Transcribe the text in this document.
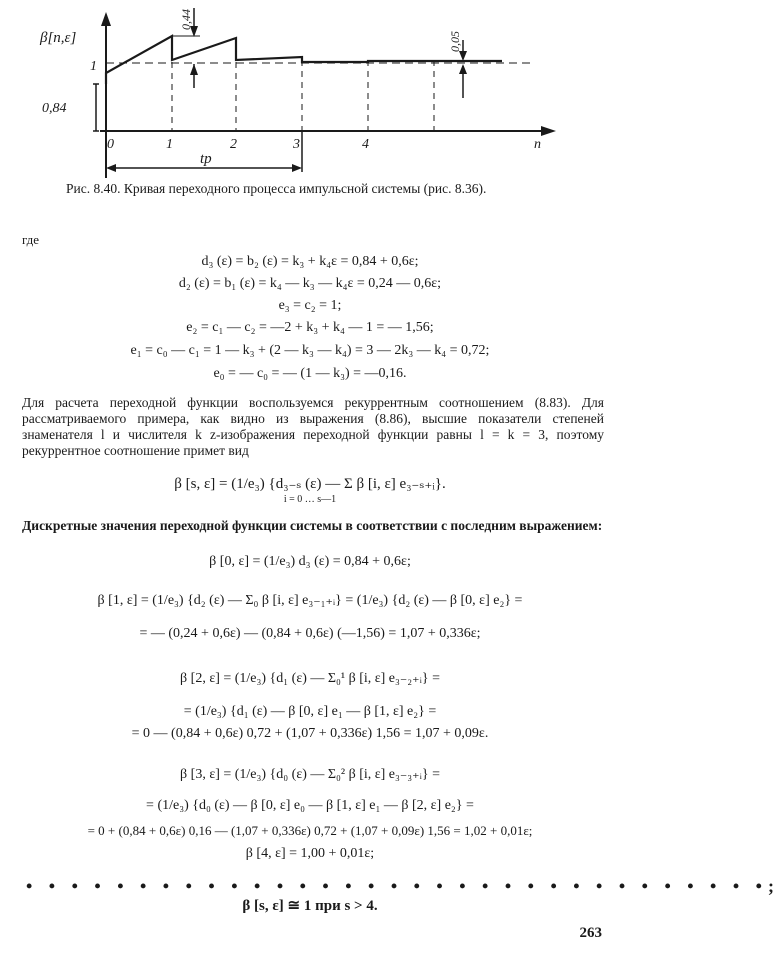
β[n,ε]
1
0,84
0,44
0,05
0	1	2	3	4	n
tp
Рис. 8.40. Кривая переходного процесса импульсной системы (рис. 8.36).
где
d₃ (ε) = b₂ (ε) = k₃ + k₄ε = 0,84 + 0,6ε;
d₂ (ε) = b₁ (ε) = k₄ — k₃ — k₄ε = 0,24 — 0,6ε;
e₃ = c₂ = 1;
e₂ = c₁ — c₂ = —2 + k₃ + k₄ — 1 = — 1,56;
e₁ = c₀ — c₁ = 1 — k₃ + (2 — k₃ — k₄) = 3 — 2k₃ — k₄ = 0,72;
e₀ = — c₀ = — (1 — k₃) = —0,16.
Для расчета переходной функции воспользуемся рекуррентным соотношением (8.83). Для рассматриваемого примера, как видно из выражения (8.86), высшие показатели степеней знаменателя l и числителя k z-изображения переходной функции равны l = k = 3, поэтому рекуррентное соотношение примет вид
β [s, ε] = (1/e₃) {d₃₋ₛ (ε) — Σ β [i, ε] e₃₋ₛ₊ᵢ}.
i = 0 … s—1
Дискретные значения переходной функции системы в соответствии с последним выражением:
β [0, ε] = (1/e₃) d₃ (ε) = 0,84 + 0,6ε;
β [1, ε] = (1/e₃) {d₂ (ε) — Σ₀ β [i, ε] e₃₋₁₊ᵢ} = (1/e₃) {d₂ (ε) — β [0, ε] e₂} =
= — (0,24 + 0,6ε) — (0,84 + 0,6ε) (—1,56) = 1,07 + 0,336ε;
β [2, ε] = (1/e₃) {d₁ (ε) — Σ₀¹ β [i, ε] e₃₋₂₊ᵢ} =
= (1/e₃) {d₁ (ε) — β [0, ε] e₁ — β [1, ε] e₂} =
= 0 — (0,84 + 0,6ε) 0,72 + (1,07 + 0,336ε) 1,56 = 1,07 + 0,09ε.
β [3, ε] = (1/e₃) {d₀ (ε) — Σ₀² β [i, ε] e₃₋₃₊ᵢ} =
= (1/e₃) {d₀ (ε) — β [0, ε] e₀ — β [1, ε] e₁ — β [2, ε] e₂} =
= 0 + (0,84 + 0,6ε) 0,16 — (1,07 + 0,336ε) 0,72 + (1,07 + 0,09ε) 1,56 = 1,02 + 0,01ε;
β [4, ε] = 1,00 + 0,01ε;
• • • • • • • • • • • • • • • • • • • • • • • • • • • • • • • • •;
β [s, ε] ≅ 1 при s > 4.
263
